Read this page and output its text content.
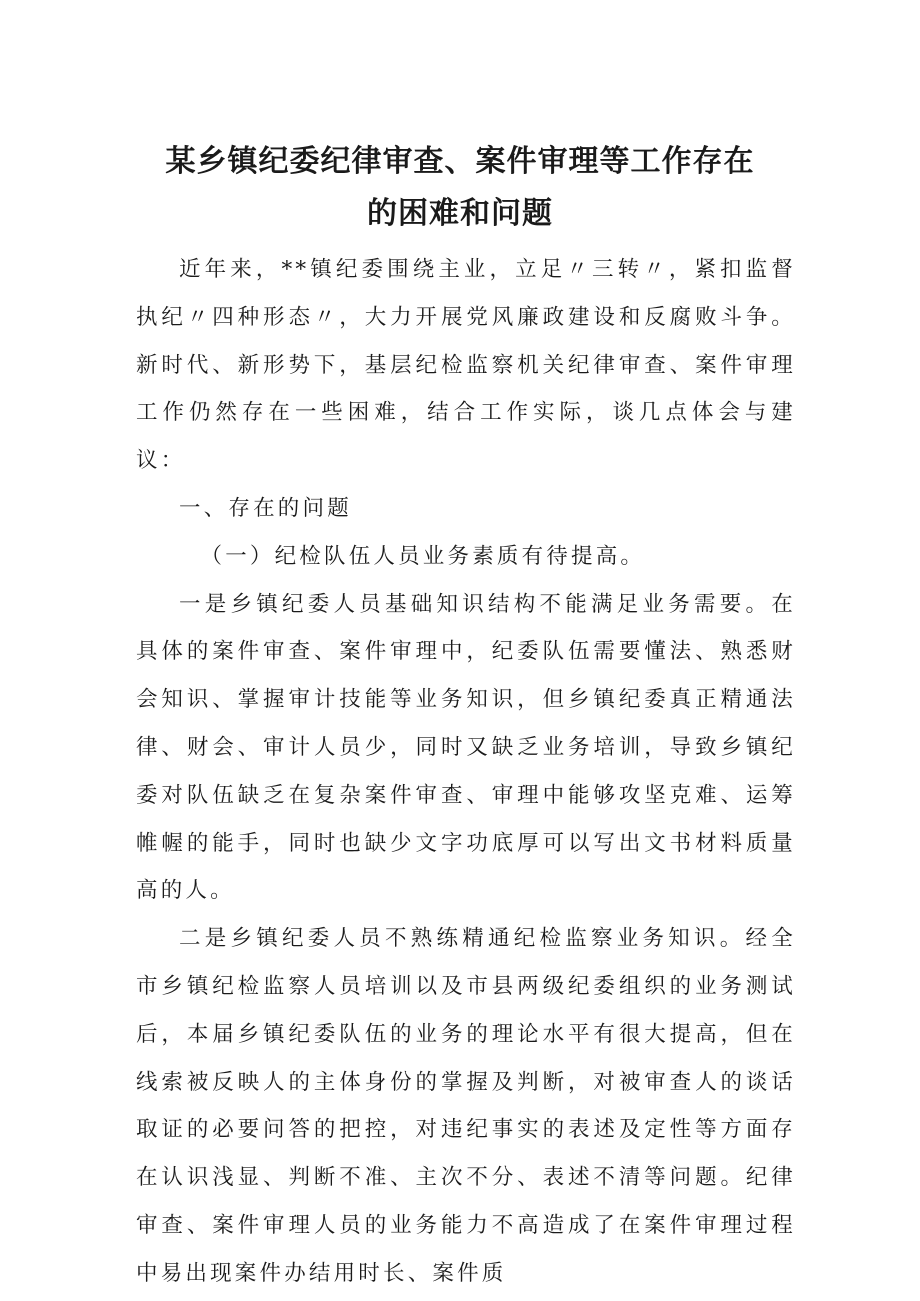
某乡镇纪委纪律审查、案件审理等工作存在
的困难和问题

近年来，**镇纪委围绕主业，立足〃三转〃，紧扣监督执纪〃四种形态〃，大力开展党风廉政建设和反腐败斗争。新时代、新形势下，基层纪检监察机关纪律审查、案件审理工作仍然存在一些困难，结合工作实际，谈几点体会与建议：

一、存在的问题

（一）纪检队伍人员业务素质有待提高。

一是乡镇纪委人员基础知识结构不能满足业务需要。在具体的案件审查、案件审理中，纪委队伍需要懂法、熟悉财会知识、掌握审计技能等业务知识，但乡镇纪委真正精通法律、财会、审计人员少，同时又缺乏业务培训，导致乡镇纪委对队伍缺乏在复杂案件审查、审理中能够攻坚克难、运筹帷幄的能手，同时也缺少文字功底厚可以写出文书材料质量高的人。

二是乡镇纪委人员不熟练精通纪检监察业务知识。经全市乡镇纪检监察人员培训以及市县两级纪委组织的业务测试后，本届乡镇纪委队伍的业务的理论水平有很大提高，但在线索被反映人的主体身份的掌握及判断，对被审查人的谈话取证的必要问答的把控，对违纪事实的表述及定性等方面存在认识浅显、判断不准、主次不分、表述不清等问题。纪律审查、案件审理人员的业务能力不高造成了在案件审理过程中易出现案件办结用时长、案件质
